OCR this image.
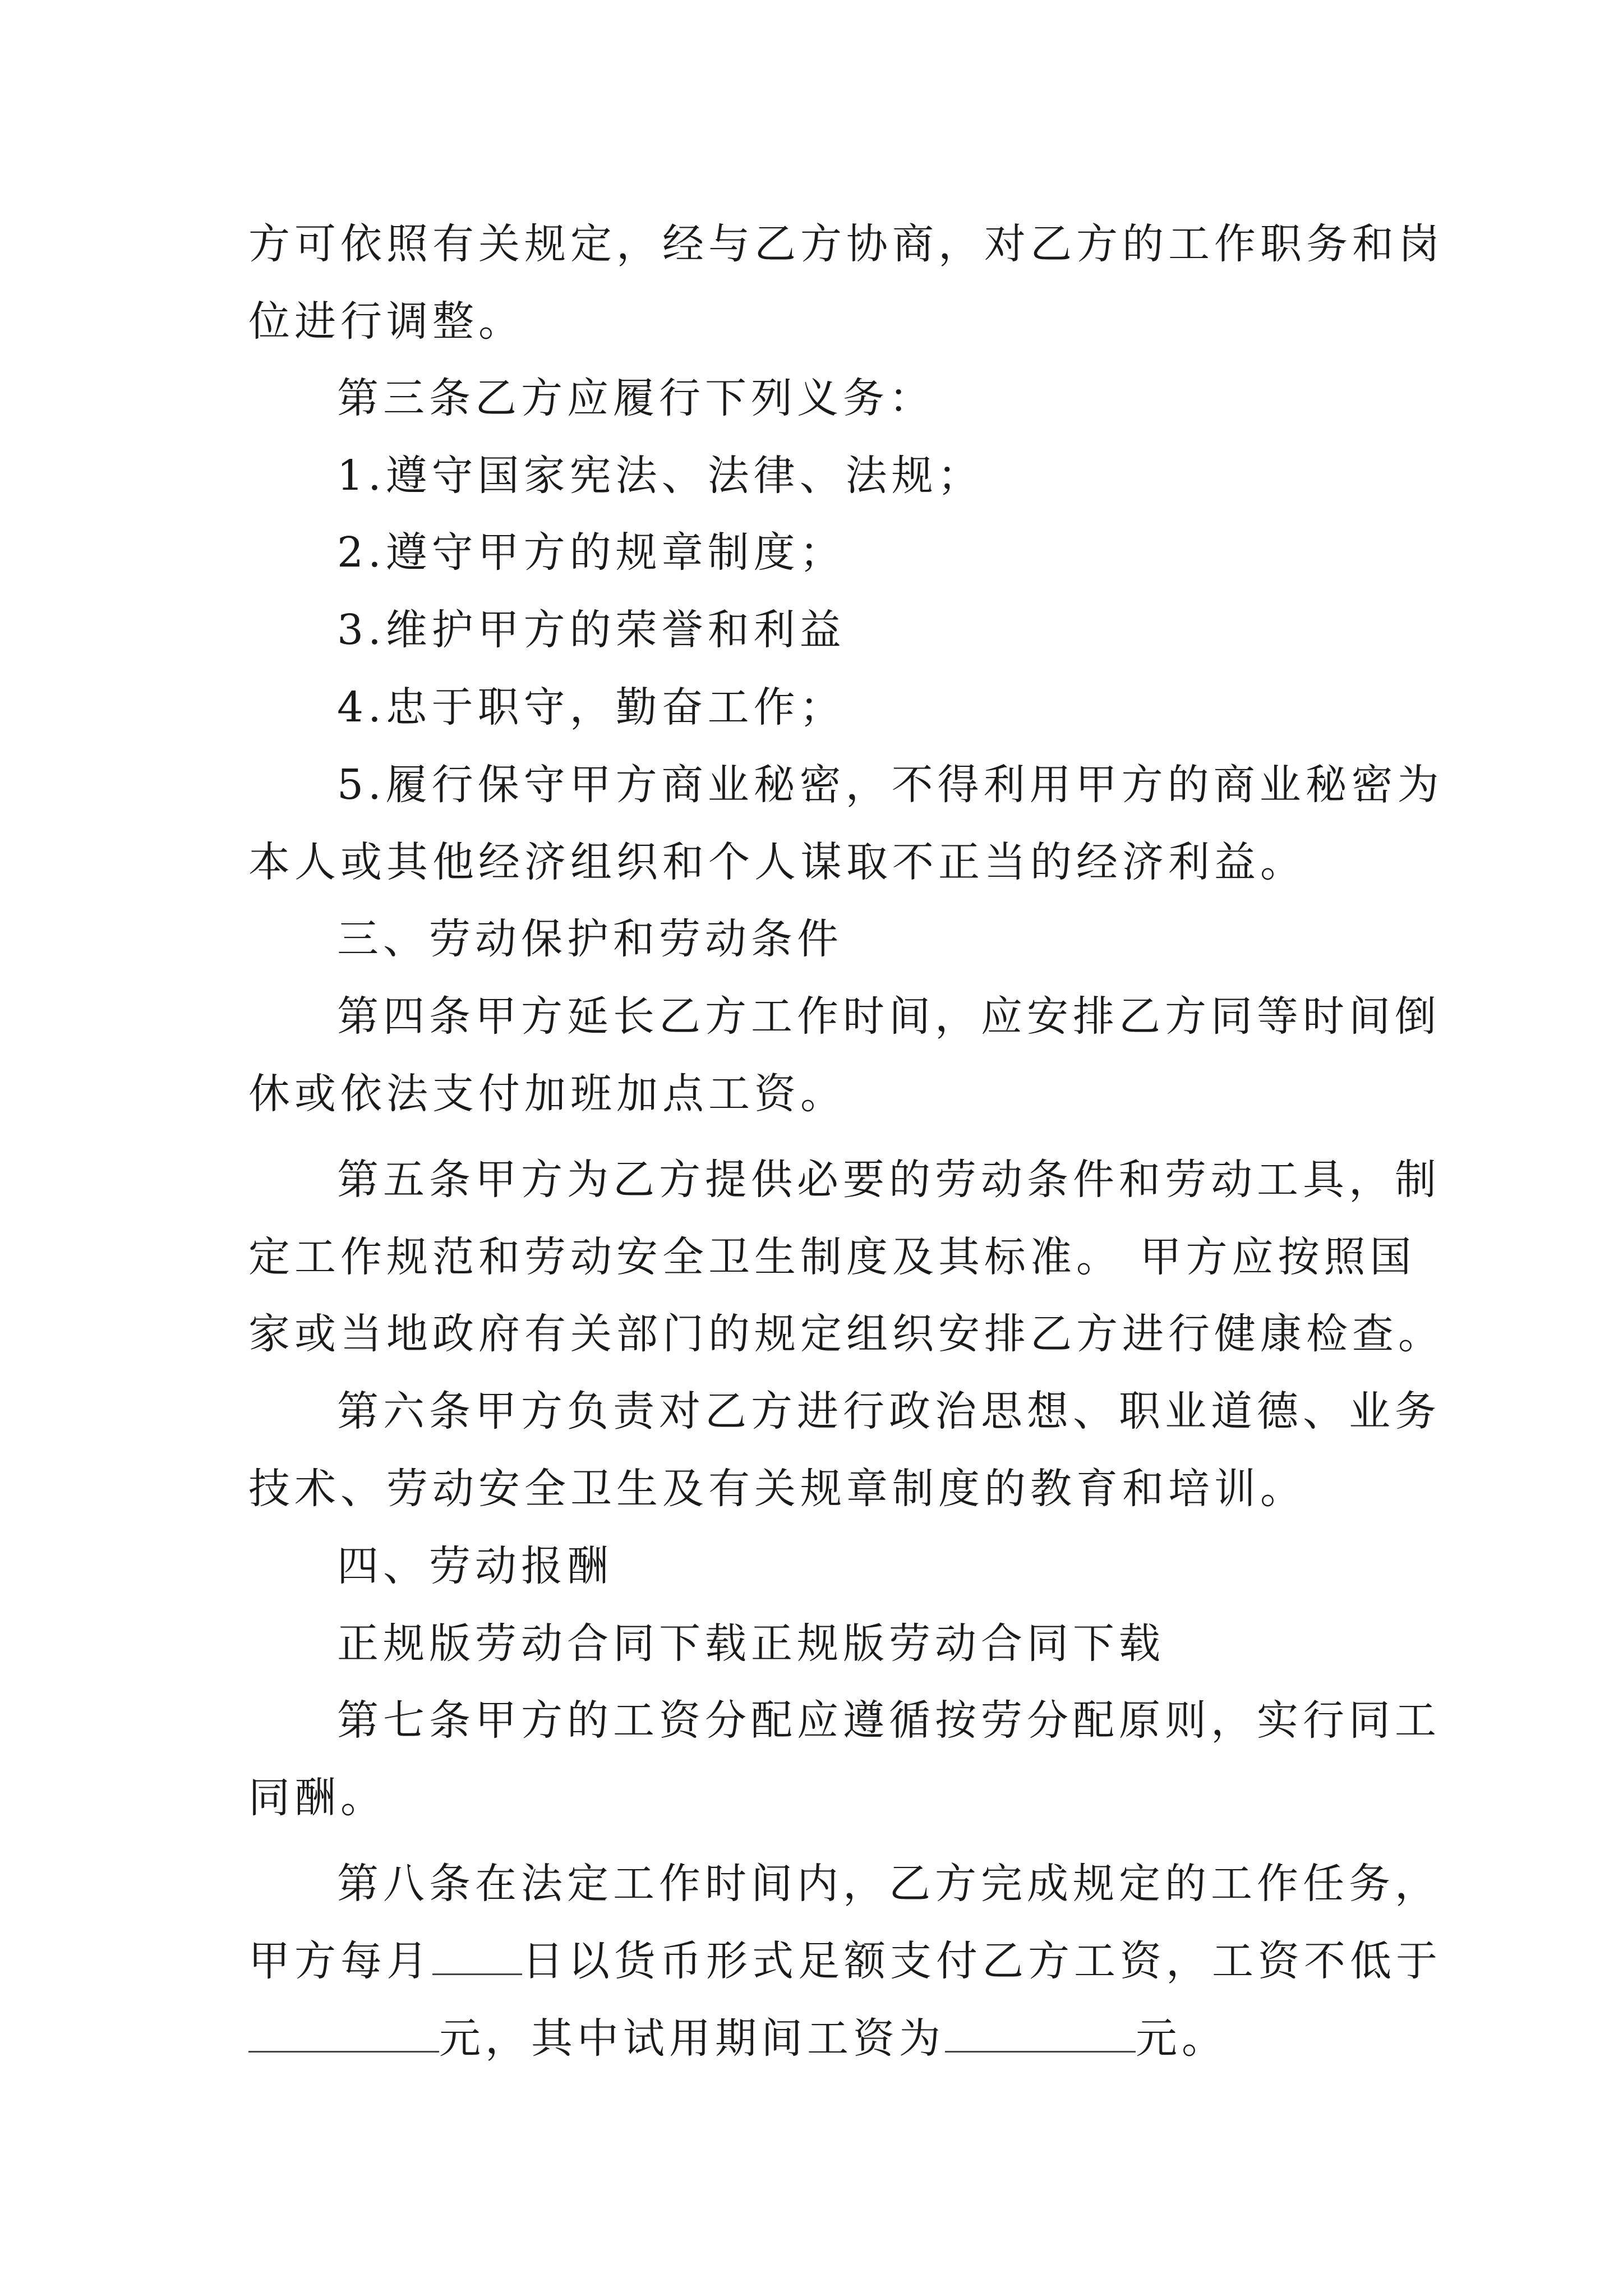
方可依照有关规定，经与乙方协商，对乙方的工作职务和岗
位进行调整。
第三条乙方应履行下列义务：
1.遵守国家宪法、法律、法规；
2.遵守甲方的规章制度；
3.维护甲方的荣誉和利益
4.忠于职守，勤奋工作；
5.履行保守甲方商业秘密，不得利用甲方的商业秘密为
本人或其他经济组织和个人谋取不正当的经济利益。
三、劳动保护和劳动条件
第四条甲方延长乙方工作时间，应安排乙方同等时间倒
休或依法支付加班加点工资。
第五条甲方为乙方提供必要的劳动条件和劳动工具，制
定工作规范和劳动安全卫生制度及其标准。 甲方应按照国
家或当地政府有关部门的规定组织安排乙方进行健康检查。
第六条甲方负责对乙方进行政治思想、职业道德、业务
技术、劳动安全卫生及有关规章制度的教育和培训。
四、劳动报酬
正规版劳动合同下载正规版劳动合同下载
第七条甲方的工资分配应遵循按劳分配原则，实行同工
同酬。
第八条在法定工作时间内，乙方完成规定的工作任务，
甲方每月 日以货币形式足额支付乙方工资，工资不低于
元，其中试用期间工资为	元。
